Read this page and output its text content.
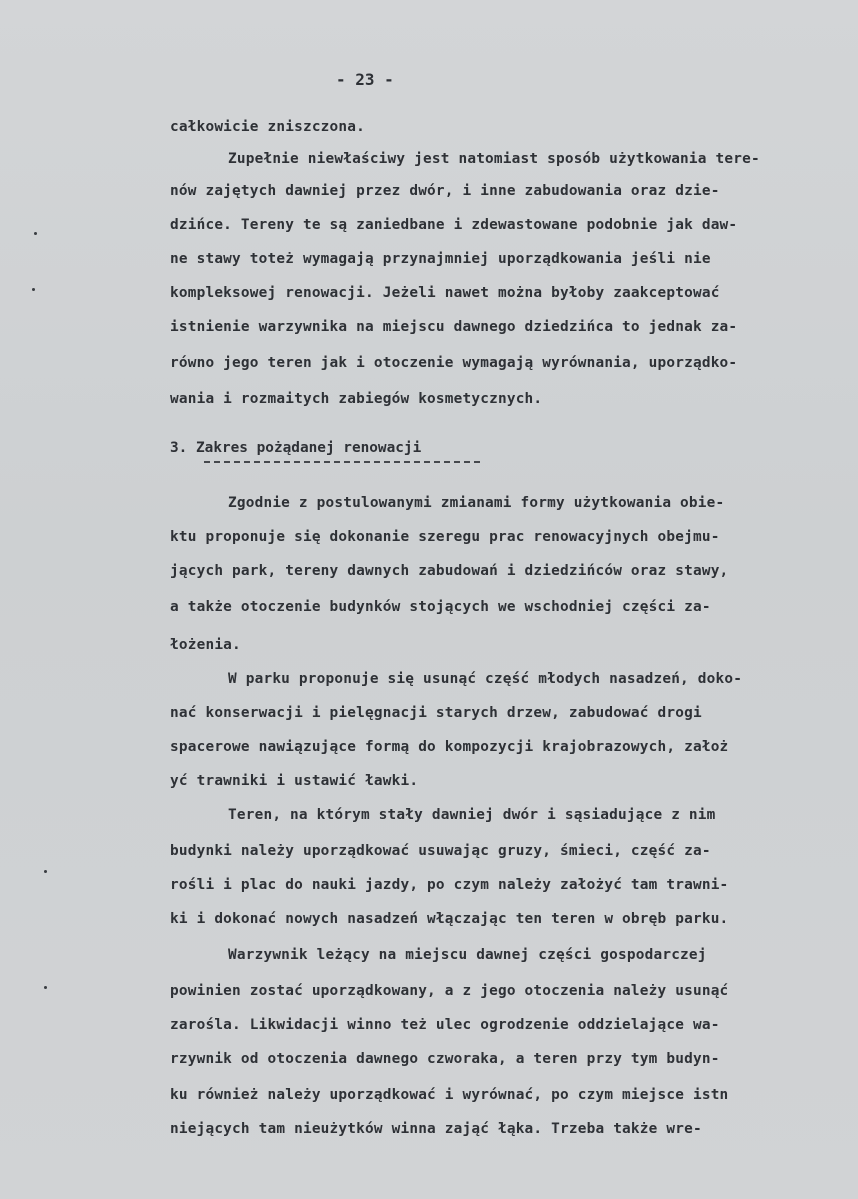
- 23 -
całkowicie zniszczona.
Zupełnie niewłaściwy jest natomiast sposób użytkowania tere-
nów zajętych dawniej przez dwór, i inne zabudowania oraz dzie-
dzińce. Tereny te są zaniedbane i zdewastowane podobnie jak daw-
ne stawy toteż wymagają przynajmniej uporządkowania jeśli nie
kompleksowej renowacji. Jeżeli nawet można byłoby zaakceptować
istnienie warzywnika na miejscu dawnego dziedzińca to jednak za-
równo jego teren jak i otoczenie wymagają wyrównania, uporządko-
wania i rozmaitych zabiegów kosmetycznych.
3. Zakres pożądanej renowacji
Zgodnie z postulowanymi zmianami formy użytkowania obie-
ktu proponuje się dokonanie szeregu prac renowacyjnych obejmu-
jących park, tereny dawnych zabudowań i dziedzińców oraz stawy,
a także otoczenie budynków stojących we wschodniej części za-
łożenia.
W parku proponuje się usunąć część młodych nasadzeń, doko-
nać konserwacji i pielęgnacji starych drzew, zabudować drogi
spacerowe nawiązujące formą do kompozycji krajobrazowych, założ
yć trawniki i ustawić ławki.
Teren, na którym stały dawniej dwór i sąsiadujące z nim
budynki należy uporządkować usuwając gruzy, śmieci, część za-
rośli i plac do nauki jazdy, po czym należy założyć tam trawni-
ki i dokonać nowych nasadzeń włączając ten teren w obręb parku.
Warzywnik leżący na miejscu dawnej części gospodarczej
powinien zostać uporządkowany, a z jego otoczenia należy usunąć
zarośla. Likwidacji winno też ulec ogrodzenie oddzielające wa-
rzywnik od otoczenia dawnego czworaka, a teren przy tym budyn-
ku również należy uporządkować i wyrównać, po czym miejsce istn
niejących tam nieużytków winna zająć łąka. Trzeba także wre-
